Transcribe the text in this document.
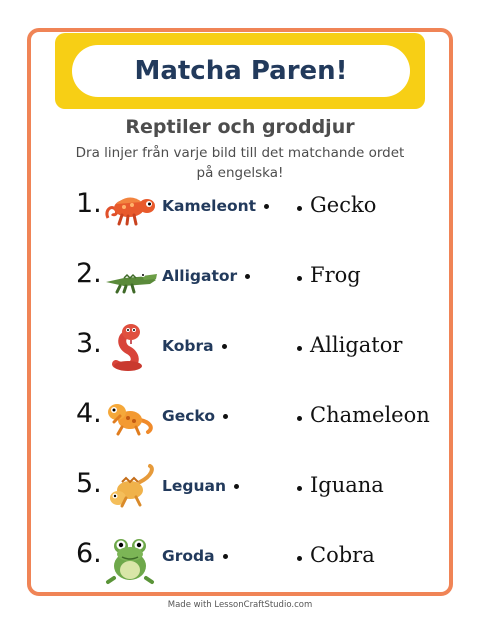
Matcha Paren!
Reptiler och groddjur
Dra linjer från varje bild till det matchande ordet på engelska!
1.	Kameleont	Gecko
2.	Alligator	Frog
3.	Kobra	Alligator
4.	Gecko	Chameleon
5.	Leguan	Iguana
6.	Groda	Cobra
Made with LessonCraftStudio.com
